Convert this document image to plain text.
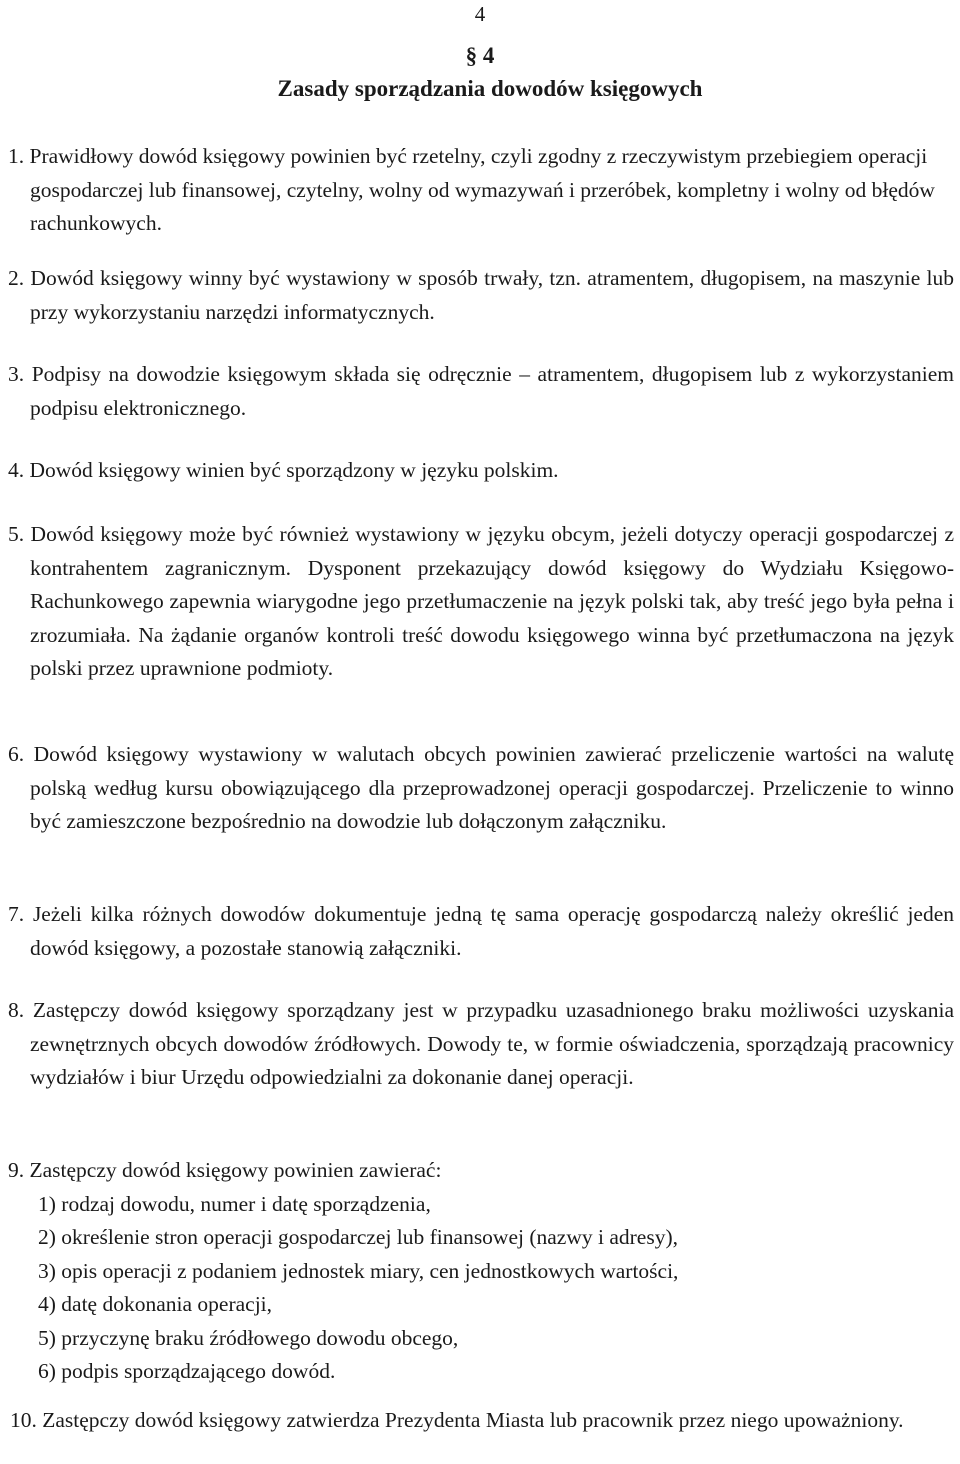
4
§ 4
Zasady sporządzania dowodów księgowych
1. Prawidłowy dowód księgowy powinien być rzetelny, czyli zgodny z rzeczywistym przebiegiem operacji gospodarczej lub finansowej, czytelny, wolny od wymazywań i przeróbek, kompletny i wolny od błędów rachunkowych.
2. Dowód księgowy winny być wystawiony w sposób trwały, tzn. atramentem, długopisem, na maszynie lub przy wykorzystaniu narzędzi informatycznych.
3. Podpisy na dowodzie księgowym składa się odręcznie – atramentem, długopisem lub z wykorzystaniem podpisu elektronicznego.
4. Dowód księgowy winien być sporządzony w języku polskim.
5. Dowód księgowy może być również wystawiony w języku obcym, jeżeli dotyczy operacji gospodarczej z kontrahentem zagranicznym. Dysponent przekazujący dowód księgowy do Wydziału Księgowo-Rachunkowego zapewnia wiarygodne jego przetłumaczenie na język polski tak, aby treść jego była pełna i zrozumiała. Na żądanie organów kontroli treść dowodu księgowego winna być przetłumaczona na język polski przez uprawnione podmioty.
6. Dowód księgowy wystawiony w walutach obcych powinien zawierać przeliczenie wartości na walutę polską według kursu obowiązującego dla przeprowadzonej operacji gospodarczej. Przeliczenie to winno być zamieszczone bezpośrednio na dowodzie lub dołączonym załączniku.
7. Jeżeli kilka różnych dowodów dokumentuje jedną tę sama operację gospodarczą należy określić jeden dowód księgowy, a pozostałe stanowią załączniki.
8. Zastępczy dowód księgowy sporządzany jest w przypadku uzasadnionego braku możliwości uzyskania zewnętrznych obcych dowodów źródłowych. Dowody te, w formie oświadczenia, sporządzają pracownicy wydziałów i biur Urzędu odpowiedzialni za dokonanie danej operacji.
9. Zastępczy dowód księgowy powinien zawierać:
1) rodzaj dowodu, numer i datę sporządzenia,
2) określenie stron operacji gospodarczej lub finansowej (nazwy i adresy),
3) opis operacji z podaniem jednostek miary, cen jednostkowych wartości,
4) datę dokonania operacji,
5) przyczynę braku źródłowego dowodu obcego,
6) podpis sporządzającego dowód.
10. Zastępczy dowód księgowy zatwierdza Prezydenta Miasta lub pracownik przez niego upoważniony.
